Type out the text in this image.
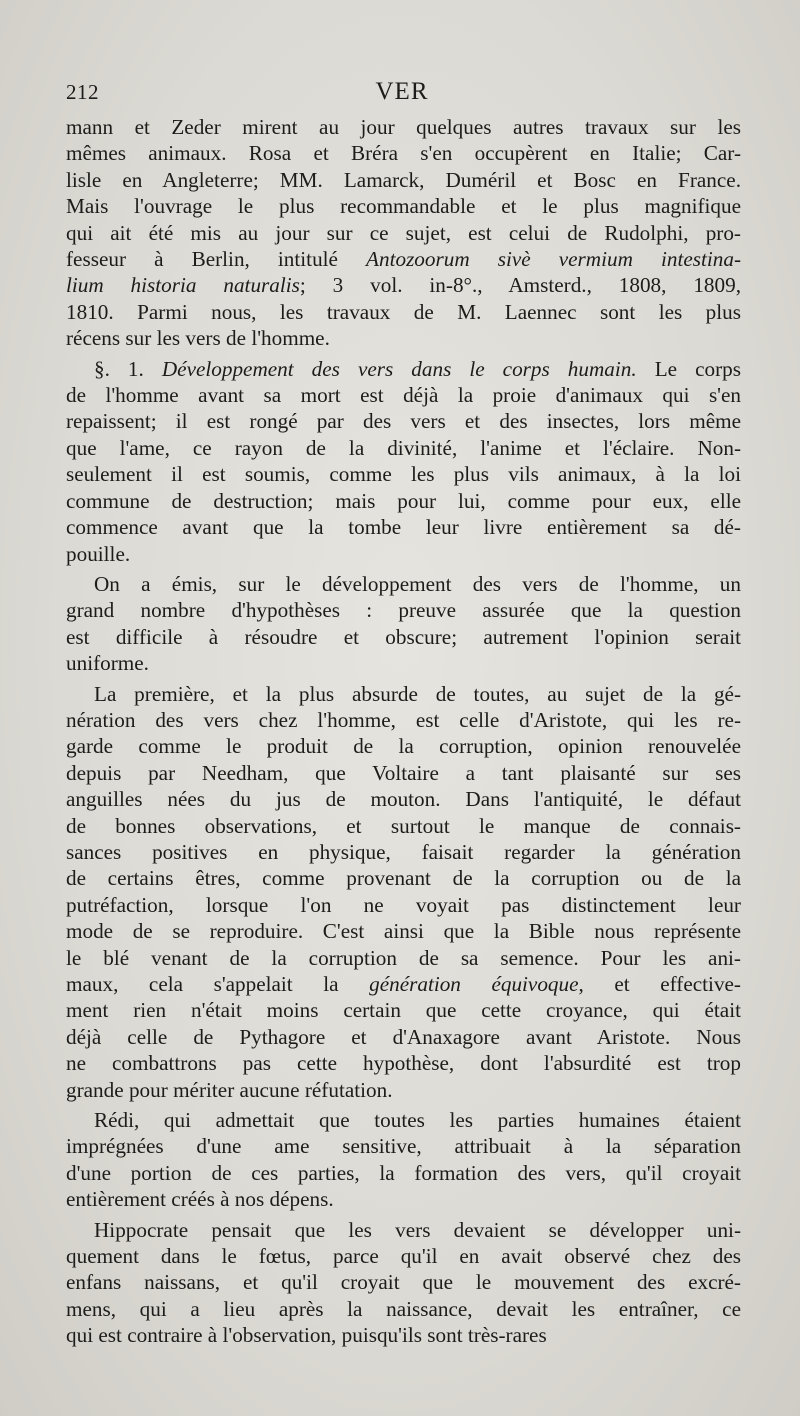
212	VER

mann et Zeder mirent au jour quelques autres travaux sur les
mêmes animaux. Rosa et Bréra s'en occupèrent en Italie; Car-
lisle en Angleterre; MM. Lamarck, Duméril et Bosc en France.
Mais l'ouvrage le plus recommandable et le plus magnifique
qui ait été mis au jour sur ce sujet, est celui de Rudolphi, pro-
fesseur à Berlin, intitulé Antozoorum sivè vermium intestina-
lium historia naturalis; 3 vol. in-8°., Amsterd., 1808, 1809,
1810. Parmi nous, les travaux de M. Laennec sont les plus
récens sur les vers de l'homme.

§. 1. Développement des vers dans le corps humain. Le corps
de l'homme avant sa mort est déjà la proie d'animaux qui s'en
repaissent; il est rongé par des vers et des insectes, lors même
que l'ame, ce rayon de la divinité, l'anime et l'éclaire. Non-
seulement il est soumis, comme les plus vils animaux, à la loi
commune de destruction; mais pour lui, comme pour eux, elle
commence avant que la tombe leur livre entièrement sa dé-
pouille.

On a émis, sur le développement des vers de l'homme, un
grand nombre d'hypothèses : preuve assurée que la question
est difficile à résoudre et obscure; autrement l'opinion serait
uniforme.

La première, et la plus absurde de toutes, au sujet de la gé-
nération des vers chez l'homme, est celle d'Aristote, qui les re-
garde comme le produit de la corruption, opinion renouvelée
depuis par Needham, que Voltaire a tant plaisanté sur ses
anguilles nées du jus de mouton. Dans l'antiquité, le défaut
de bonnes observations, et surtout le manque de connais-
sances positives en physique, faisait regarder la génération
de certains êtres, comme provenant de la corruption ou de la
putréfaction, lorsque l'on ne voyait pas distinctement leur
mode de se reproduire. C'est ainsi que la Bible nous représente
le blé venant de la corruption de sa semence. Pour les ani-
maux, cela s'appelait la génération équivoque, et effective-
ment rien n'était moins certain que cette croyance, qui était
déjà celle de Pythagore et d'Anaxagore avant Aristote. Nous
ne combattrons pas cette hypothèse, dont l'absurdité est trop
grande pour mériter aucune réfutation.

Rédi, qui admettait que toutes les parties humaines étaient
imprégnées d'une ame sensitive, attribuait à la séparation
d'une portion de ces parties, la formation des vers, qu'il croyait
entièrement créés à nos dépens.

Hippocrate pensait que les vers devaient se développer uni-
quement dans le fœtus, parce qu'il en avait observé chez des
enfans naissans, et qu'il croyait que le mouvement des excré-
mens, qui a lieu après la naissance, devait les entraîner, ce
qui est contraire à l'observation, puisqu'ils sont très-rares
